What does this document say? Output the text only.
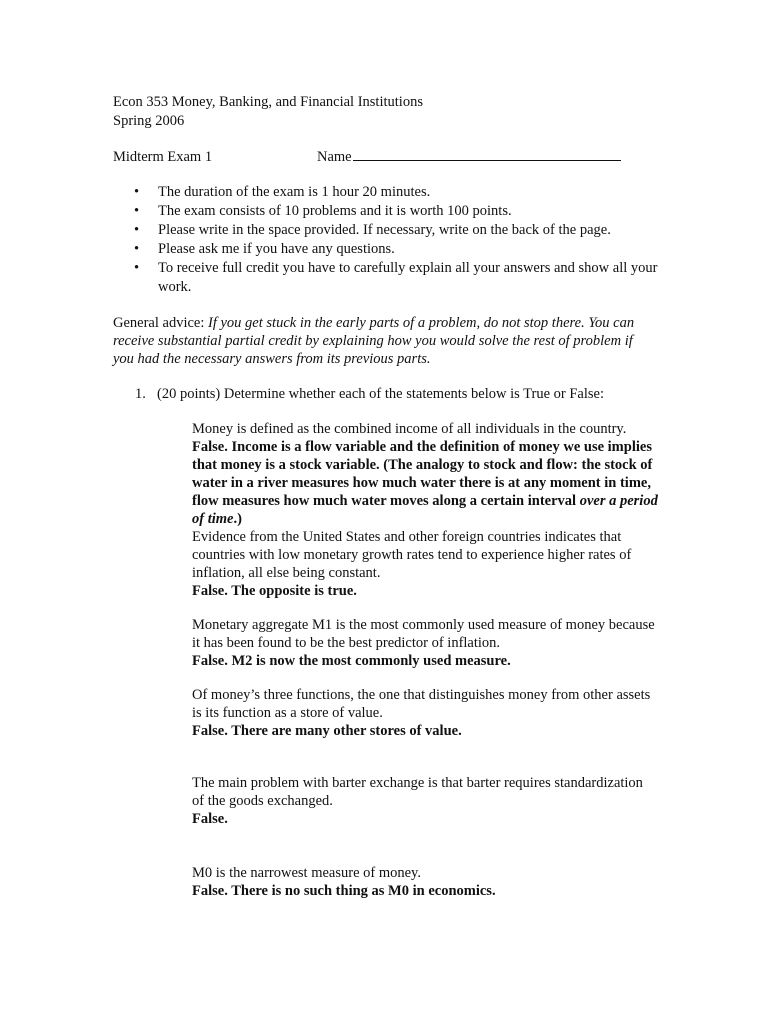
Econ 353 Money, Banking, and Financial Institutions
Spring 2006
Midterm Exam 1	Name
• The duration of the exam is 1 hour 20 minutes.
• The exam consists of 10 problems and it is worth 100 points.
• Please write in the space provided. If necessary, write on the back of the page.
• Please ask me if you have any questions.
• To receive full credit you have to carefully explain all your answers and show all your work.
General advice: If you get stuck in the early parts of a problem, do not stop there. You can receive substantial partial credit by explaining how you would solve the rest of problem if you had the necessary answers from its previous parts.
1. (20 points) Determine whether each of the statements below is True or False:
Money is defined as the combined income of all individuals in the country.
False. Income is a flow variable and the definition of money we use implies that money is a stock variable. (The analogy to stock and flow: the stock of water in a river measures how much water there is at any moment in time, flow measures how much water moves along a certain interval over a period of time.)
Evidence from the United States and other foreign countries indicates that countries with low monetary growth rates tend to experience higher rates of inflation, all else being constant.
False. The opposite is true.
Monetary aggregate M1 is the most commonly used measure of money because it has been found to be the best predictor of inflation.
False. M2 is now the most commonly used measure.
Of money’s three functions, the one that distinguishes money from other assets is its function as a store of value.
False. There are many other stores of value.
The main problem with barter exchange is that barter requires standardization of the goods exchanged.
False.
M0 is the narrowest measure of money.
False. There is no such thing as M0 in economics.
